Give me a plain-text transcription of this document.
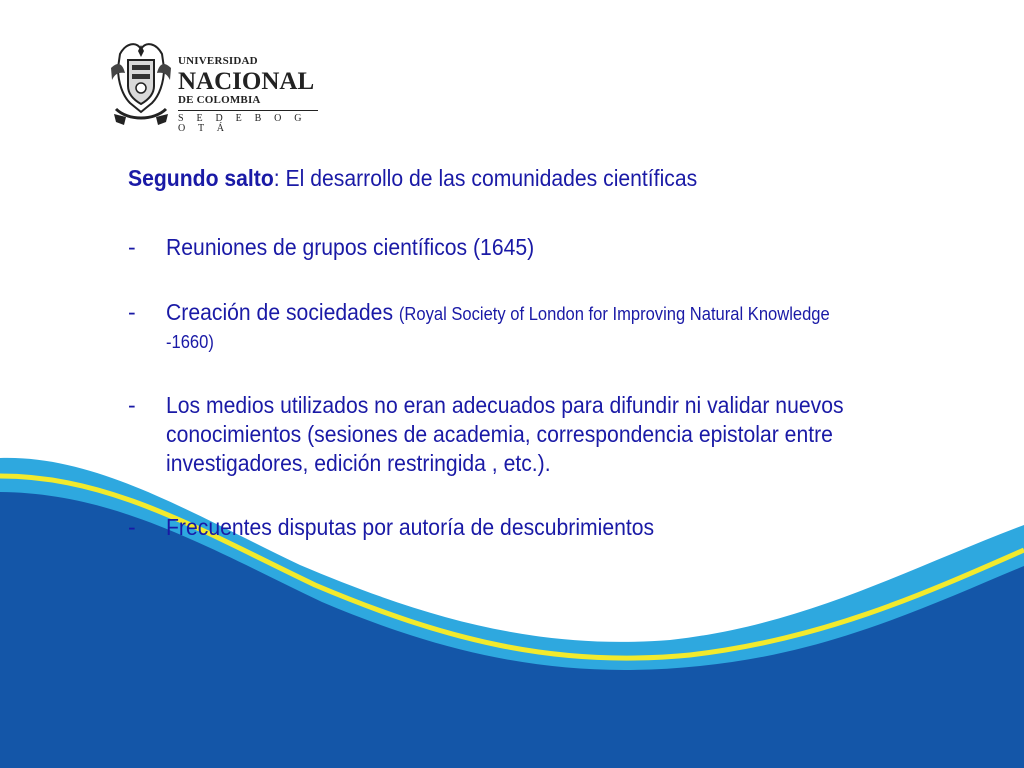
UNIVERSIDAD
NACIONAL
DE COLOMBIA
S E D E B O G O T Á

Segundo salto: El desarrollo de las comunidades científicas

- Reuniones de grupos científicos (1645)
- Creación de sociedades (Royal Society of London for Improving Natural Knowledge -1660)
- Los medios utilizados no eran adecuados para difundir ni validar nuevos conocimientos (sesiones de academia, correspondencia epistolar entre investigadores, edición restringida , etc.).
- Frecuentes disputas por autoría de descubrimientos
